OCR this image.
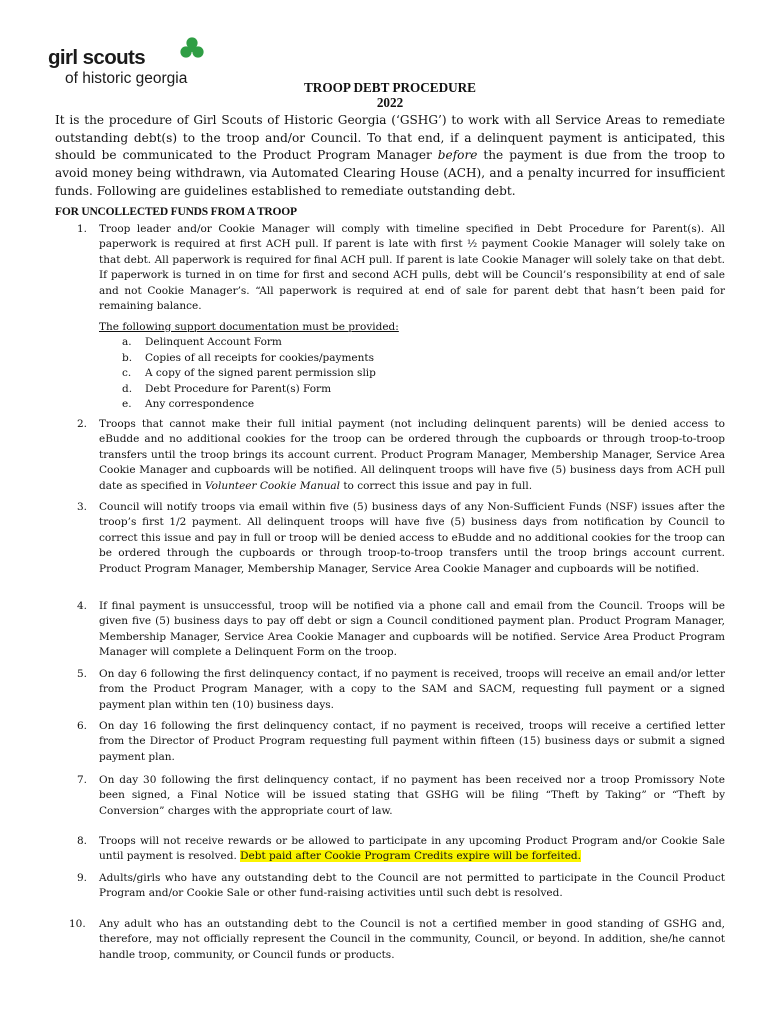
girl scouts
of historic georgia
TROOP DEBT PROCEDURE
2022
It is the procedure of Girl Scouts of Historic Georgia (‘GSHG’) to work with all Service Areas to remediate outstanding debt(s) to the troop and/or Council. To that end, if a delinquent payment is anticipated, this should be communicated to the Product Program Manager before the payment is due from the troop to avoid money being withdrawn, via Automated Clearing House (ACH), and a penalty incurred for insufficient funds. Following are guidelines established to remediate outstanding debt.
FOR UNCOLLECTED FUNDS FROM A TROOP
1.	Troop leader and/or Cookie Manager will comply with timeline specified in Debt Procedure for Parent(s). All paperwork is required at first ACH pull. If parent is late with first ½ payment Cookie Manager will solely take on that debt. All paperwork is required for final ACH pull. If parent is late Cookie Manager will solely take on that debt. If paperwork is turned in on time for first and second ACH pulls, debt will be Council’s responsibility at end of sale and not Cookie Manager’s. “All paperwork is required at end of sale for parent debt that hasn’t been paid for remaining balance.
The following support documentation must be provided:
a. Delinquent Account Form
b. Copies of all receipts for cookies/payments
c. A copy of the signed parent permission slip
d. Debt Procedure for Parent(s) Form
e. Any correspondence
2.	Troops that cannot make their full initial payment (not including delinquent parents) will be denied access to eBudde and no additional cookies for the troop can be ordered through the cupboards or through troop-to-troop transfers until the troop brings its account current. Product Program Manager, Membership Manager, Service Area Cookie Manager and cupboards will be notified. All delinquent troops will have five (5) business days from ACH pull date as specified in Volunteer Cookie Manual to correct this issue and pay in full.
3.	Council will notify troops via email within five (5) business days of any Non-Sufficient Funds (NSF) issues after the troop’s first 1/2 payment. All delinquent troops will have five (5) business days from notification by Council to correct this issue and pay in full or troop will be denied access to eBudde and no additional cookies for the troop can be ordered through the cupboards or through troop-to-troop transfers until the troop brings account current. Product Program Manager, Membership Manager, Service Area Cookie Manager and cupboards will be notified.
4.	If final payment is unsuccessful, troop will be notified via a phone call and email from the Council. Troops will be given five (5) business days to pay off debt or sign a Council conditioned payment plan. Product Program Manager, Membership Manager, Service Area Cookie Manager and cupboards will be notified. Service Area Product Program Manager will complete a Delinquent Form on the troop.
5.	On day 6 following the first delinquency contact, if no payment is received, troops will receive an email and/or letter from the Product Program Manager, with a copy to the SAM and SACM, requesting full payment or a signed payment plan within ten (10) business days.
6.	On day 16 following the first delinquency contact, if no payment is received, troops will receive a certified letter from the Director of Product Program requesting full payment within fifteen (15) business days or submit a signed payment plan.
7.	On day 30 following the first delinquency contact, if no payment has been received nor a troop Promissory Note been signed, a Final Notice will be issued stating that GSHG will be filing “Theft by Taking” or “Theft by Conversion” charges with the appropriate court of law.
8.	Troops will not receive rewards or be allowed to participate in any upcoming Product Program and/or Cookie Sale until payment is resolved. Debt paid after Cookie Program Credits expire will be forfeited.
9.	Adults/girls who have any outstanding debt to the Council are not permitted to participate in the Council Product Program and/or Cookie Sale or other fund-raising activities until such debt is resolved.
10.	Any adult who has an outstanding debt to the Council is not a certified member in good standing of GSHG and, therefore, may not officially represent the Council in the community, Council, or beyond. In addition, she/he cannot handle troop, community, or Council funds or products.
